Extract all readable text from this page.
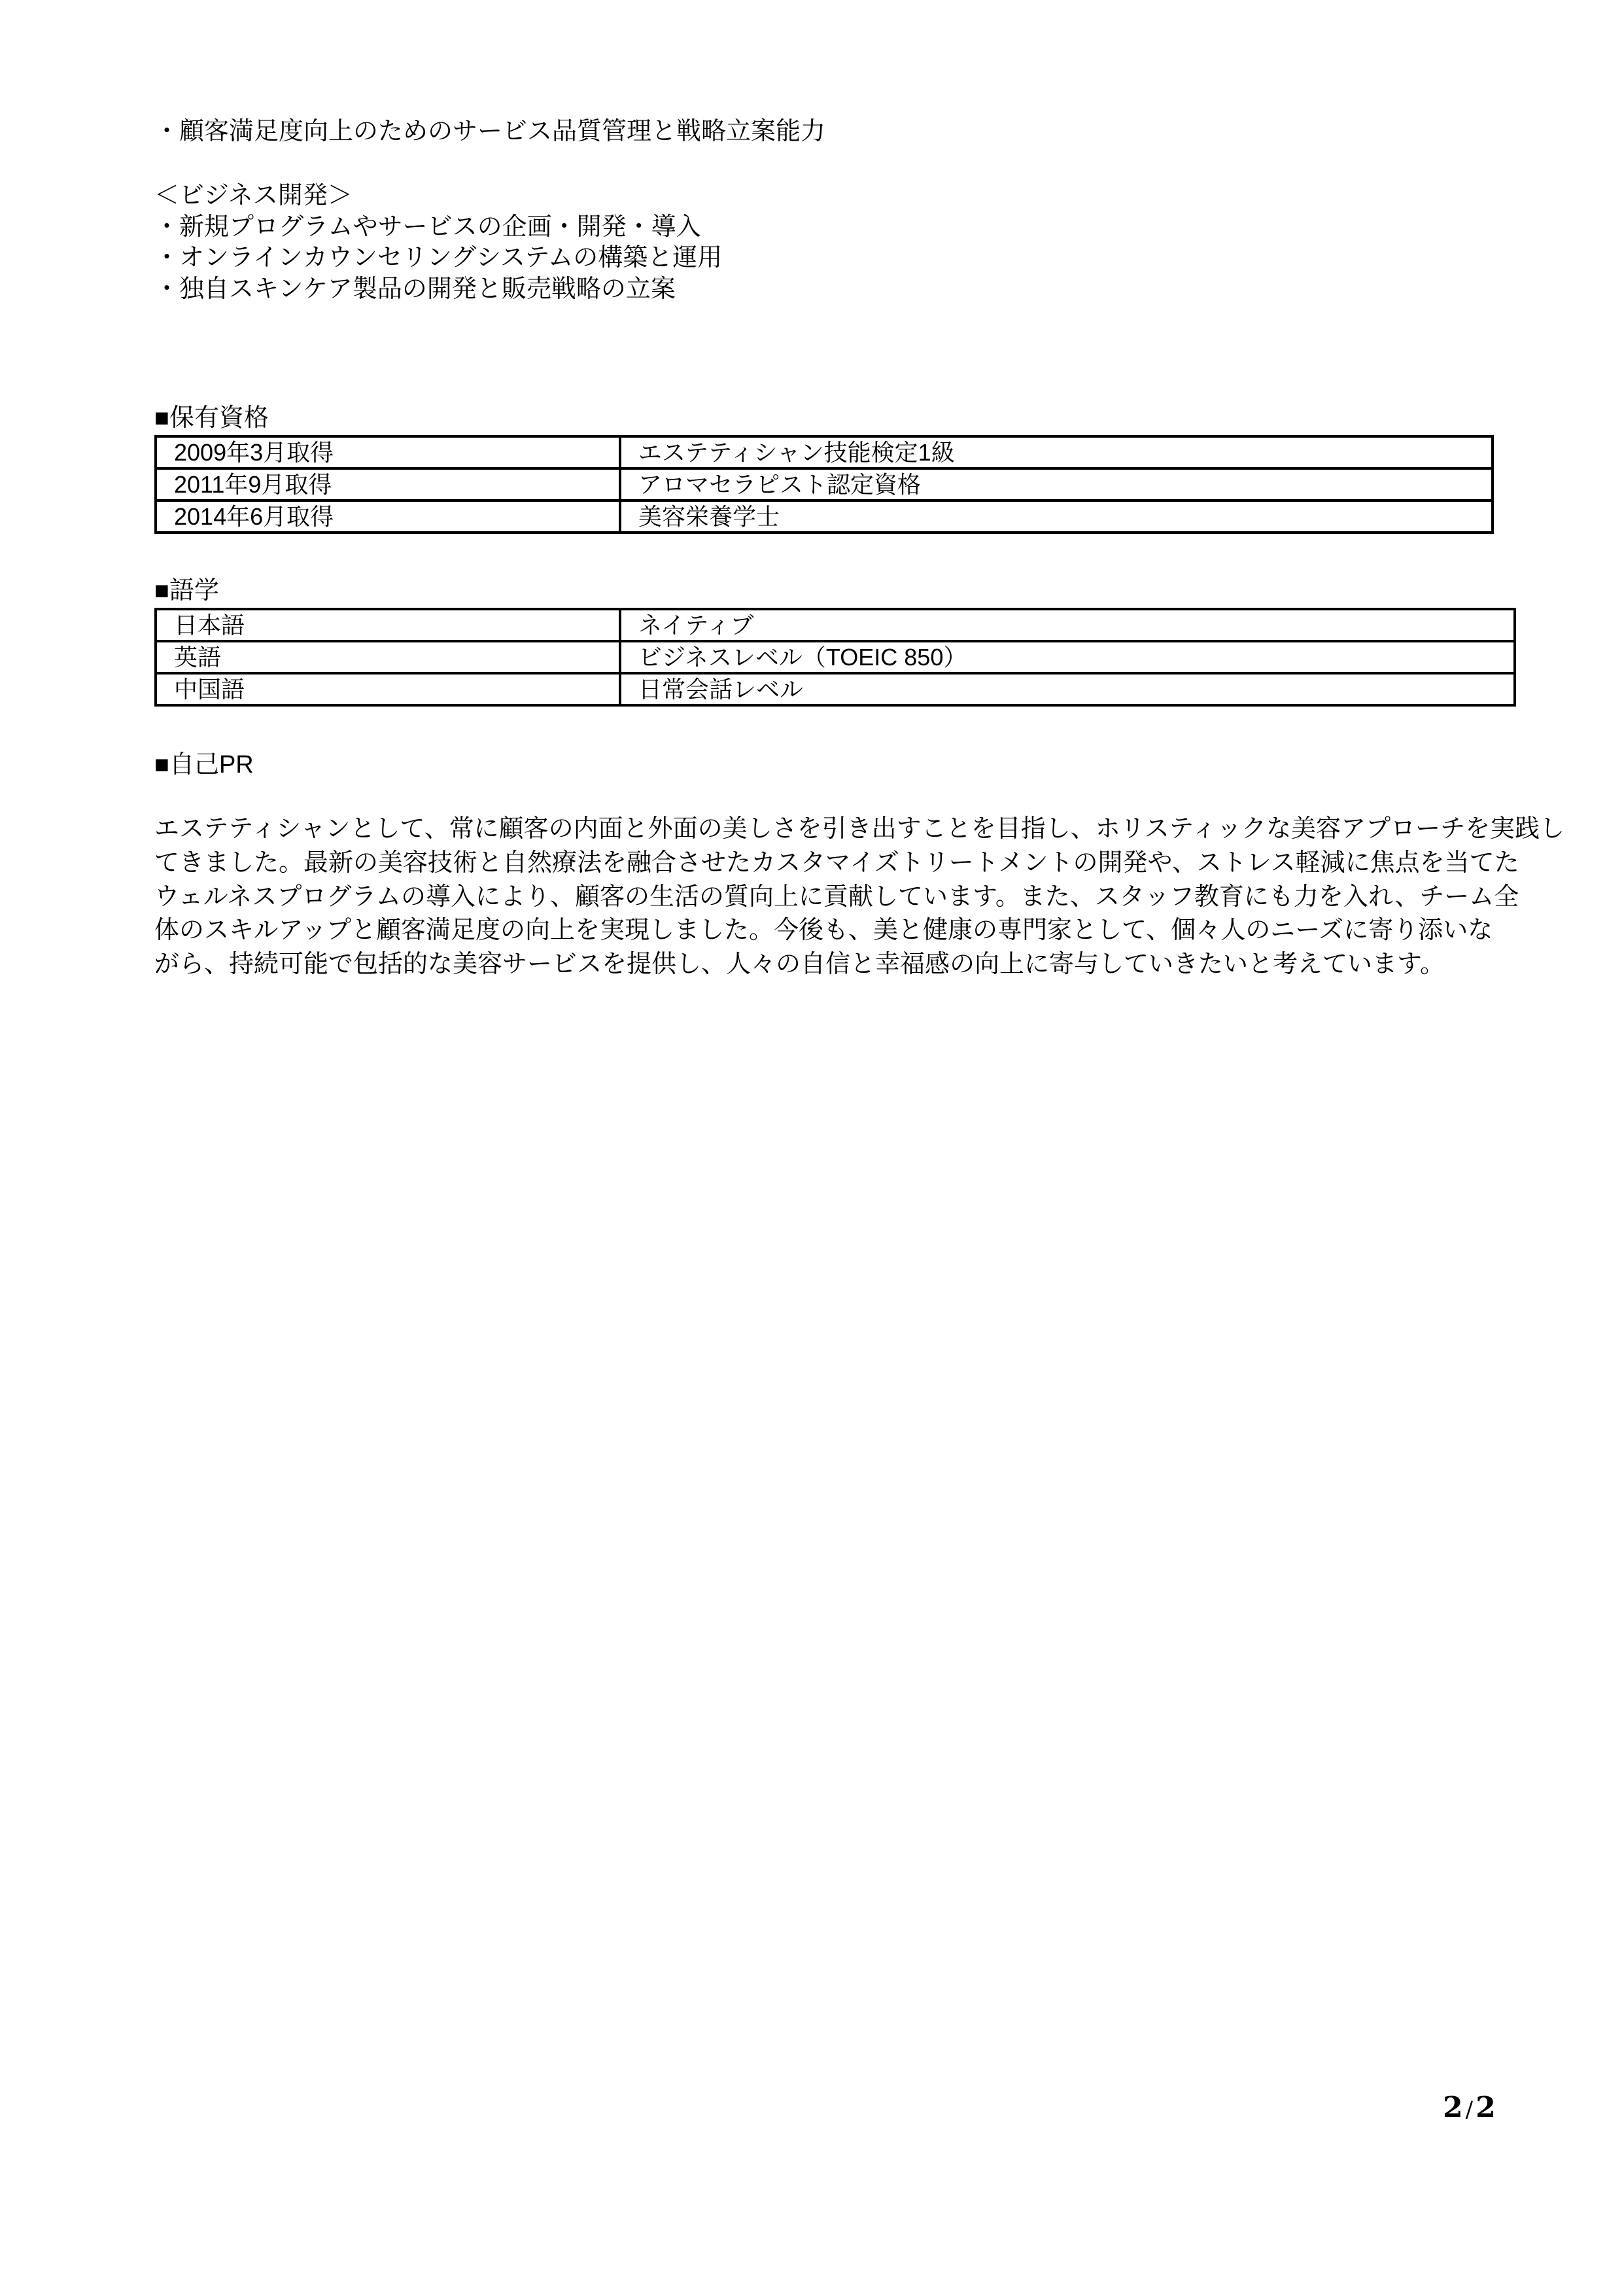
・顧客満足度向上のためのサービス品質管理と戦略立案能力
＜ビジネス開発＞
・新規プログラムやサービスの企画・開発・導入
・オンラインカウンセリングシステムの構築と運用
・独自スキンケア製品の開発と販売戦略の立案
■保有資格
2009年3月取得	エステティシャン技能検定1級
2011年9月取得	アロマセラピスト認定資格
2014年6月取得	美容栄養学士
■語学
日本語	ネイティブ
英語	ビジネスレベル（TOEIC 850）
中国語	日常会話レベル
■自己PR
エステティシャンとして、常に顧客の内面と外面の美しさを引き出すことを目指し、ホリスティックな美容アプローチを実践し
てきました。最新の美容技術と自然療法を融合させたカスタマイズトリートメントの開発や、ストレス軽減に焦点を当てた
ウェルネスプログラムの導入により、顧客の生活の質向上に貢献しています。また、スタッフ教育にも力を入れ、チーム全
体のスキルアップと顧客満足度の向上を実現しました。今後も、美と健康の専門家として、個々人のニーズに寄り添いな
がら、持続可能で包括的な美容サービスを提供し、人々の自信と幸福感の向上に寄与していきたいと考えています。
2 /2
